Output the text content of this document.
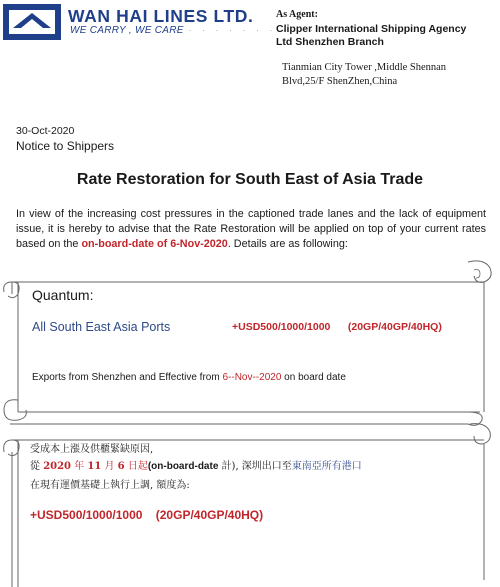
WAN HAI LINES LTD.
WE CARRY , WE CARE
· · · · · · · · · · ·
As Agent:
Clipper International Shipping Agency
Ltd Shenzhen Branch
Tianmian City Tower ,Middle Shennan
Blvd,25/F ShenZhen,China
30-Oct-2020
Notice to Shippers
Rate Restoration for South East of Asia Trade
In view of the increasing cost pressures in the captioned trade lanes and the lack of equipment issue, it is hereby to advise that the Rate Restoration will be applied on top of your current rates based on the on-board-date of 6-Nov-2020. Details are as following:
Quantum:
All South East Asia Ports	+USD500/1000/1000      (20GP/40GP/40HQ)
Exports from Shenzhen and Effective from 6--Nov--2020 on board date
受成本上漲及供櫃緊缺原因,
從 2020 年 11 月 6 日起(on-board-date 計), 深圳出口至東南亞所有港口
在現有運價基礎上執行上調, 額度為:
+USD500/1000/1000    (20GP/40GP/40HQ)
